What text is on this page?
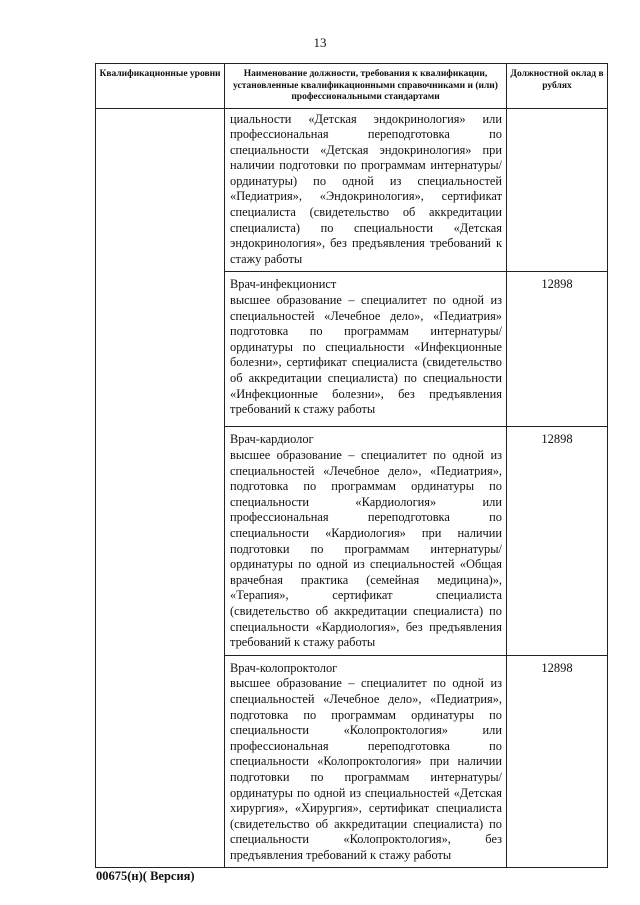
13
Квалификационные уровни	Наименование должности, требования к квалификации, установленные квалификационными справочниками и (или) профессиональными стандартами	Должностной оклад в рублях
	циальности «Детская эндокринология» или профессиональная переподготовка по специальности «Детская эндокринология» при наличии подготовки по программам интернатуры/ординатуры) по одной из специальностей «Педиатрия», «Эндокринология», сертификат специалиста (свидетельство об аккредитации специалиста) по специальности «Детская эндокринология», без предъявления требований к стажу работы	

	Врач-инфекционист
высшее образование – специалитет по одной из специальностей «Лечебное дело», «Педиатрия» подготовка по программам интернатуры/ординатуры по специальности «Инфекционные болезни», сертификат специалиста (свидетельство об аккредитации специалиста) по специальности «Инфекционные болезни», без предъявления требований к стажу работы	12898

	Врач-кардиолог
высшее образование – специалитет по одной из специальностей «Лечебное дело», «Педиатрия», подготовка по программам ординатуры по специальности «Кардиология» или профессиональная переподготовка по специальности «Кардиология» при наличии подготовки по программам интернатуры/ординатуры по одной из специальностей «Общая врачебная практика (семейная медицина)», «Терапия», сертификат специалиста (свидетельство об аккредитации специалиста) по специальности «Кардиология», без предъявления требований к стажу работы	12898

	Врач-колопроктолог
высшее образование – специалитет по одной из специальностей «Лечебное дело», «Педиатрия», подготовка по программам ординатуры по специальности «Колопроктология» или профессиональная переподготовка по специальности «Колопроктология» при наличии подготовки по программам интернатуры/ординатуры по одной из специальностей «Детская хирургия», «Хирургия», сертификат специалиста (свидетельство об аккредитации специалиста) по специальности «Колопроктология», без предъявления требований к стажу работы	12898
00675(н)( Версия)
